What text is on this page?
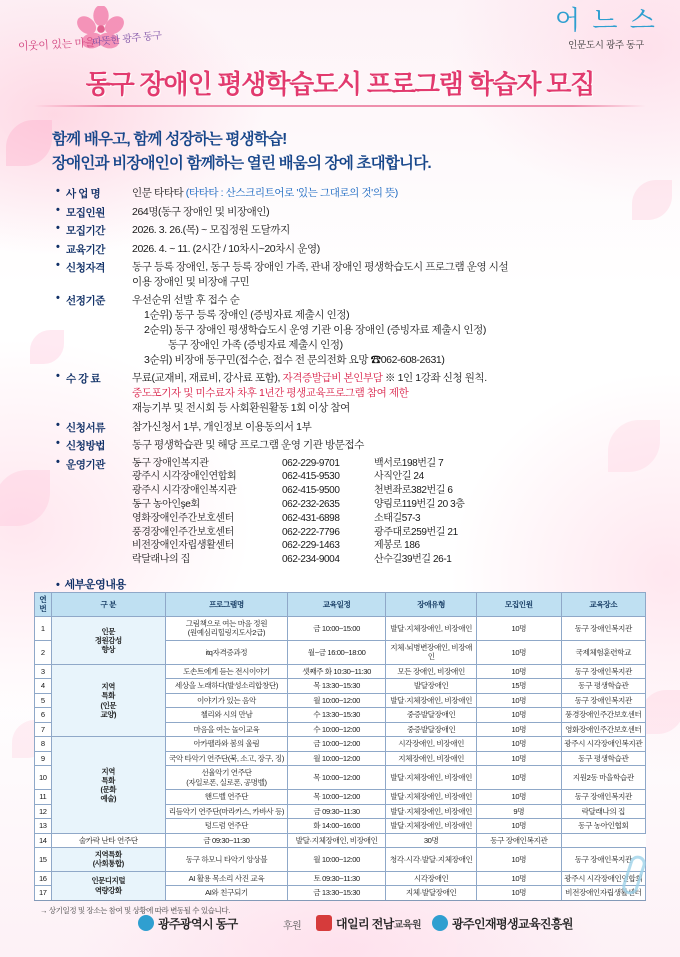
이웃이 있는 마을
따뜻한 광주 동구
어 느 스
인문도시 광주 동구
동구 장애인 평생학습도시 프로그램 학습자 모집
함께 배우고, 함께 성장하는 평생학습!
장애인과 비장애인이 함께하는 열린 배움의 장에 초대합니다.
• 사 업 명	인문 타타타 (타타타 : 산스크리트어로 '있는 그대로의 것'의 뜻)
• 모집인원	264명(동구 장애인 및 비장애인)
• 모집기간	2026. 3. 26.(목) ~ 모집정원 도달까지
• 교육기간	2026. 4. ~ 11. (2시간 / 10차시~20차시 운영)
• 신청자격	동구 등록 장애인, 동구 등록 장애인 가족, 관내 장애인 평생학습도시 프로그램 운영 시설
이용 장애인 및 비장애 구민
• 선정기준	우선순위 선발 후 접수 순
1순위) 동구 등록 장애인 (증빙자료 제출시 인정)
2순위) 동구 장애인 평생학습도시 운영 기관 이용 장애인 (증빙자료 제출시 인정)
동구 장애인 가족 (증빙자료 제출시 인정)
3순위) 비장애 동구민(접수순, 접수 전 문의전화 요망 ☎062-608-2631)
• 수 강 료	무료(교재비, 재료비, 강사료 포함), 자격증발급비 본인부담 ※ 1인 1강좌 신청 원칙.
중도포기자 및 미수료자 차후 1년간 평생교육프로그램 참여 제한
재능기부 및 전시회 등 사회환원활동 1회 이상 참여
• 신청서류	참가신청서 1부, 개인정보 이용동의서 1부
• 신청방법	동구 평생학습관 및 해당 프로그램 운영 기관 방문접수
• 운영기관	동구 장애인복지관	062-229-9701	백서로198번길 7
광주시 시각장애인연합회	062-415-9530	사직안길 24
광주시 시각장애인복지관	062-415-9500	천변좌로382번길 6
동구 농아인şe회	062-232-2635	양림로119번길 20 3층
영화장애인주간보호센터	062-431-6898	소태길57-3
풍경장애인주간보호센터	062-222-7796	광주대로259번길 21
비전장애인자립생활센터	062-229-1463	제봉로 186
락달래나의 집	062-234-9004	산수길39번길 26-1
• 세부운영내용
연번	구 분	프로그램명	교육일정	장애유형	모집인원	교육장소
1	인문
정원감성
향상	그림책으로 여는 마음 정원
(원예심리힐링지도사2급)	금 10:00~15:00	발달·지체장애인, 비장애인	10명	동구 장애인복지관
2		itq자격증과정	월~금 16:00~18:00	지체·뇌병변장애인, 비장애인	10명	국제체험훈련학교
3	지역
특화
(인문
교양)	도손트에게 듣는 전시이야기	셋째주 화 10:30~11:30	모든 장애인, 비장애인	10명	동구 장애인복지관
4		세상을 노래하다(발성소리합창단)	목 13:30~15:30	발달장애인	15명	동구 평생학습관
5		이야기가 있는 음악	월 10:00~12:00	발달·지체장애인, 비장애인	10명	동구 장애인복지관
6		첼리와 시의 만남	수 13:30~15:30	중증발달장애인	10명	풍경장애인주간보호센터
7		마음을 여는 놀이교육	수 10:00~12:00	중증발달장애인	10명	영화장애인주간보호센터
8	지역
특화
(문화
예술)	아카펠라와 봄의 울림	금 10:00~12:00	시각장애인, 비장애인	10명	광주시 시각장애인복지관
9		국악 타악기 연주단(북, 소고, 장구, 징)	월 10:00~12:00	지체장애인, 비장애인	10명	동구 평생학습관
10		선율악기 연주단
(자일로폰, 실로폰, 공명벨)	목 10:00~12:00	발달·지체장애인, 비장애인	10명	지원2동 마을학습관
11		핸드벨 연주단	목 10:00~12:00	발달·지체장애인, 비장애인	10명	동구 장애인복지관
12		리듬악기 연주단(마라카스, 카바사 등)	금 09:30~11:30	발달·지체장애인, 비장애인	9명	락달래나의 집
13		텅드럼 연주단	화 14:00~16:00	발달·지체장애인, 비장애인	10명	동구 농아인협회
14	술카락 난타 연주단	금 09:30~11:30	발달·지체장애인, 비장애인	30명	동구 장애인복지관	
15	지역특화
(사회통합)	동구 하모니 타악기 앙상블	월 10:00~12:00	청각·시각·발달·지체장애인	10명	동구 장애인복지관
16	인문디지털
역량강화	AI 활용 목소리 사진 교육	토 09:30~11:30	시각장애인	10명	광주시 시각장애인연합회
17		AI와 친구되기	금 13:30~15:30	지체·발달장애인	10명	비전장애인자립생활센터
→ 상기일정 및 장소는 참여 및 상황에 따라 변동될 수 있습니다.
광주광역시 동구	후원	대일리 전남교육원	광주인재평생교육진흥원
